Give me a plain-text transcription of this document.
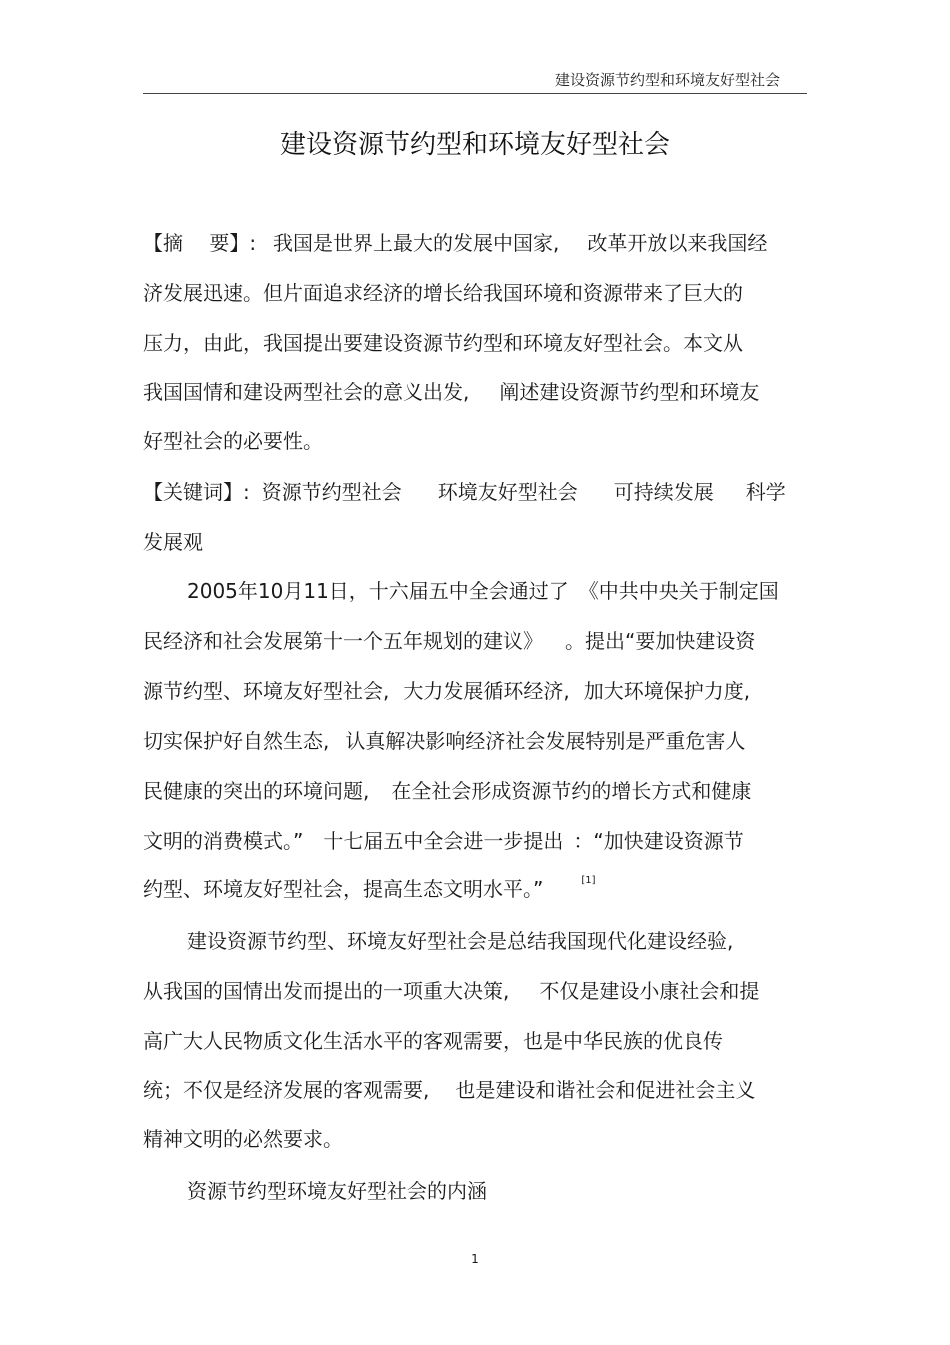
建设资源节约型和环境友好型社会
建设资源节约型和环境友好型社会
【摘　 要】: 我国是世界上最大的发展中国家, 改革开放以来我国经
济发展迅速。但片面追求经济的增长给我国环境和资源带来了巨大的
压力，由此，我国提出要建设资源节约型和环境友好型社会。本文从
我国国情和建设两型社会的意义出发, 阐述建设资源节约型和环境友
好型社会的必要性。
【关键词】: 资源节约型社会 环境友好型社会 可持续发展 科学
发展观
2005年10月11日，十六届五中全会通过了 《中共中央关于制定国
民经济和社会发展第十一个五年规划的建议》 。提出“要加快建设资
源节约型、环境友好型社会, 大力发展循环经济, 加大环境保护力度,
切实保护好自然生态, 认真解决影响经济社会发展特别是严重危害人
民健康的突出的环境问题, 在全社会形成资源节约的增长方式和健康
文明的消费模式。” 十七届五中全会进一步提出 ：“加快建设资源节
约型、环境友好型社会，提高生态文明水平。”	[1]
建设资源节约型、环境友好型社会是总结我国现代化建设经验,
从我国的国情出发而提出的一项重大决策, 不仅是建设小康社会和提
高广大人民物质文化生活水平的客观需要，也是中华民族的优良传
统；不仅是经济发展的客观需要, 也是建设和谐社会和促进社会主义
精神文明的必然要求。
资源节约型环境友好型社会的内涵
1
